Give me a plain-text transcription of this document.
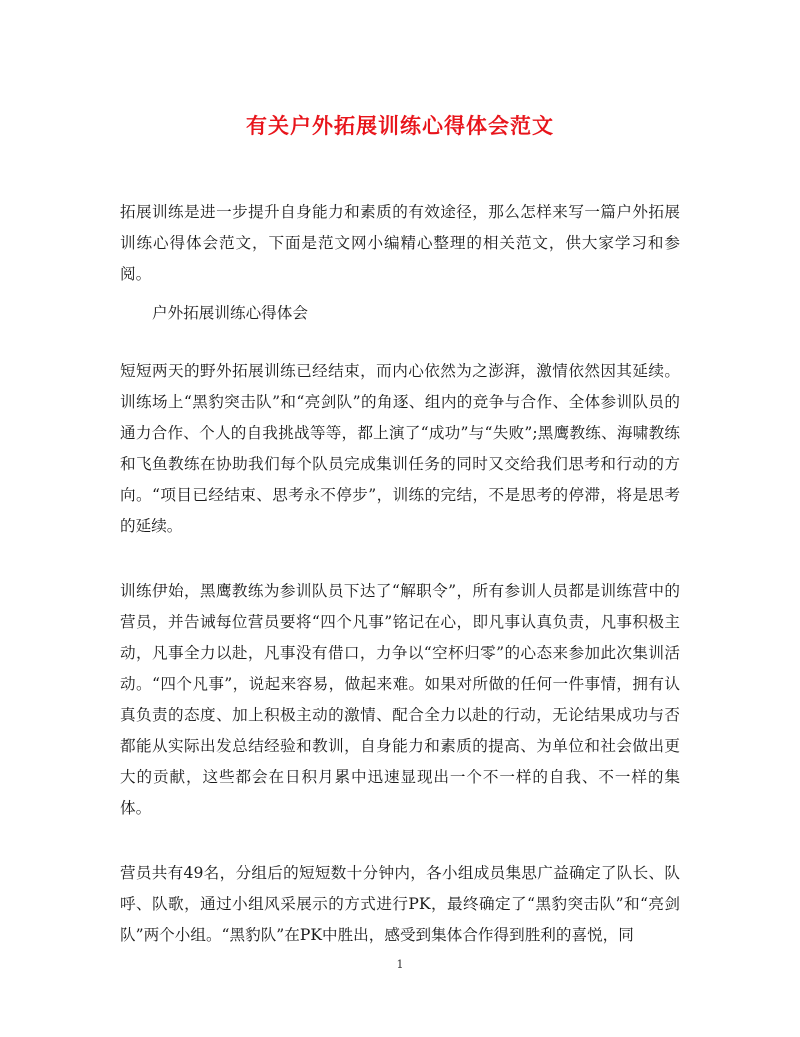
有关户外拓展训练心得体会范文

拓展训练是进一步提升自身能力和素质的有效途径，那么怎样来写一篇户外拓展训练心得体会范文，下面是范文网小编精心整理的相关范文，供大家学习和参阅。

户外拓展训练心得体会

短短两天的野外拓展训练已经结束，而内心依然为之澎湃，激情依然因其延续。训练场上“黑豹突击队”和“亮剑队”的角逐、组内的竞争与合作、全体参训队员的通力合作、个人的自我挑战等等，都上演了“成功”与“失败”;黑鹰教练、海啸教练和飞鱼教练在协助我们每个队员完成集训任务的同时又交给我们思考和行动的方向。“项目已经结束、思考永不停步”，训练的完结，不是思考的停滞，将是思考的延续。

训练伊始，黑鹰教练为参训队员下达了“解职令”，所有参训人员都是训练营中的营员，并告诫每位营员要将“四个凡事”铭记在心，即凡事认真负责，凡事积极主动，凡事全力以赴，凡事没有借口，力争以“空杯归零”的心态来参加此次集训活动。“四个凡事”，说起来容易，做起来难。如果对所做的任何一件事情，拥有认真负责的态度、加上积极主动的激情、配合全力以赴的行动，无论结果成功与否都能从实际出发总结经验和教训，自身能力和素质的提高、为单位和社会做出更大的贡献，这些都会在日积月累中迅速显现出一个不一样的自我、不一样的集体。

营员共有49名，分组后的短短数十分钟内，各小组成员集思广益确定了队长、队呼、队歌，通过小组风采展示的方式进行PK，最终确定了“黑豹突击队”和“亮剑队”两个小组。“黑豹队”在PK中胜出，感受到集体合作得到胜利的喜悦，同

1
